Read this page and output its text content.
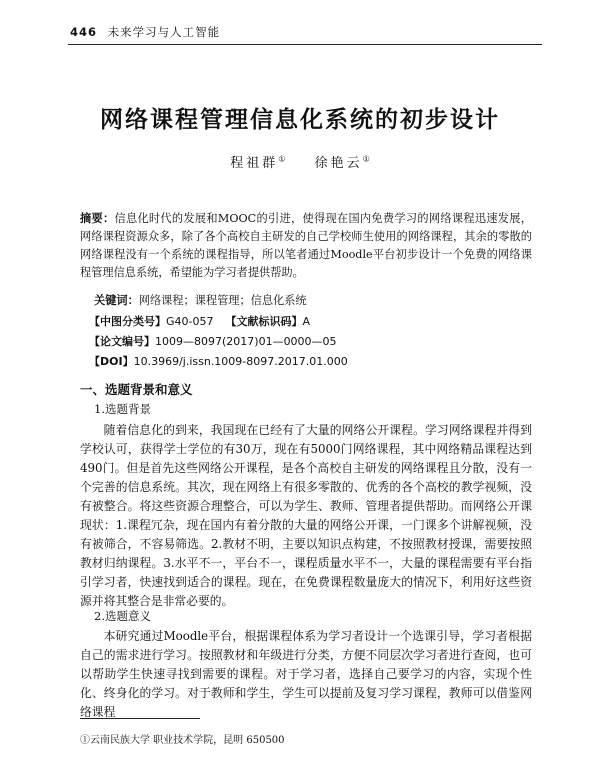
446 未来学习与人工智能
网络课程管理信息化系统的初步设计
程祖群① 徐艳云①

摘要：信息化时代的发展和MOOC的引进，使得现在国内免费学习的网络课程迅速发展，网络课程资源众多，除了各个高校自主研发的自己学校师生使用的网络课程，其余的零散的网络课程没有一个系统的课程指导，所以笔者通过Moodle平台初步设计一个免费的网络课程管理信息系统，希望能为学习者提供帮助。

关键词：网络课程；课程管理；信息化系统
【中图分类号】G40-057 【文献标识码】A
【论文编号】1009—8097(2017)01—0000—05
【DOI】10.3969/j.issn.1009-8097.2017.01.000
一、选题背景和意义
1.选题背景

随着信息化的到来，我国现在已经有了大量的网络公开课程。学习网络课程并得到学校认可，获得学士学位的有30万，现在有5000门网络课程，其中网络精品课程达到490门。但是首先这些网络公开课程，是各个高校自主研发的网络课程且分散，没有一个完善的信息系统。其次，现在网络上有很多零散的、优秀的各个高校的教学视频，没有被整合。将这些资源合理整合，可以为学生、教师、管理者提供帮助。而网络公开课现状：1.课程冗杂，现在国内有着分散的大量的网络公开课，一门课多个讲解视频，没有被筛合，不容易筛选。2.教材不明，主要以知识点构建，不按照教材授课，需要按照教材归纳课程。3.水平不一，平台不一，课程质量水平不一，大量的课程需要有平台指引学习者，快速找到适合的课程。现在，在免费课程数量庞大的情况下，利用好这些资源并将其整合是非常必要的。

2.选题意义

本研究通过Moodle平台，根据课程体系为学习者设计一个选课引导，学习者根据自己的需求进行学习。按照教材和年级进行分类，方便不同层次学习者进行查阅，也可以帮助学生快速寻找到需要的课程。对于学习者，选择自己要学习的内容，实现个性化、终身化的学习。对于教师和学生，学生可以提前及复习学习课程，教师可以借鉴网络课程

①云南民族大学 职业技术学院，昆明 650500
